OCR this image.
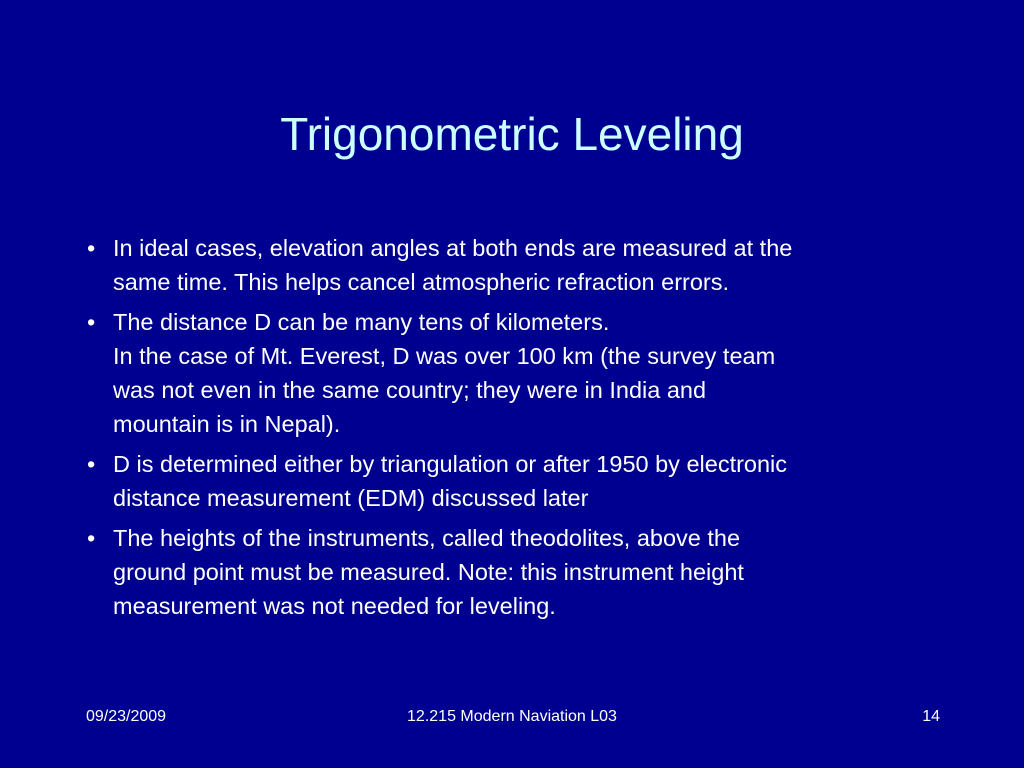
Trigonometric Leveling
• In ideal cases, elevation angles at both ends are measured at the
same time. This helps cancel atmospheric refraction errors.
• The distance D can be many tens of kilometers.
In the case of Mt. Everest, D was over 100 km (the survey team
was not even in the same country; they were in India and
mountain is in Nepal).
• D is determined either by triangulation or after 1950 by electronic
distance measurement (EDM) discussed later
• The heights of the instruments, called theodolites, above the
ground point must be measured. Note: this instrument height
measurement was not needed for leveling.
09/23/2009	12.215 Modern Naviation L03	14
